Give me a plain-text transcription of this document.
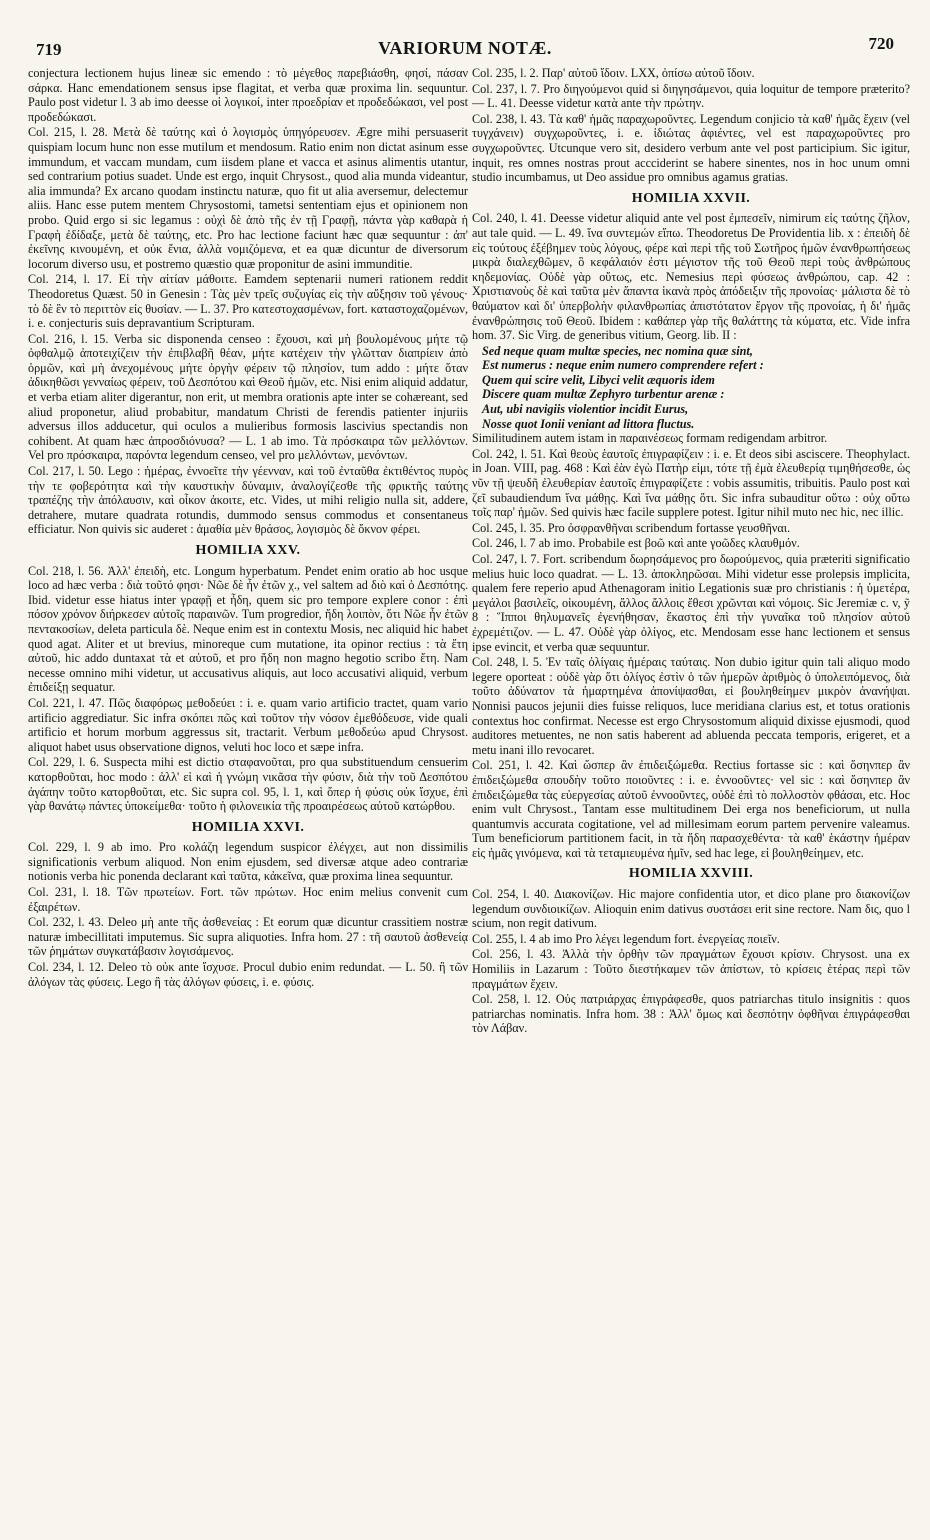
719	VARIORUM NOTÆ.	720

conjectura lectionem hujus lineæ sic emendo : τὸ μέγεθος παρεβιάσθη, φησί, πάσαν σάρκα. Hanc emendationem sensus ipse flagitat, et verba quæ proxima lin. sequuntur. Paulo post videtur l. 3 ab imo deesse οἱ λογικοί, inter προεδρίαν et προδεδώκασι, vel post προδεδώκασι.

Col. 215, l. 28. Μετὰ δὲ ταύτης καὶ ὁ λογισμὸς ὑπηγόρευσεν. Ægre mihi persuaserit quispiam locum hunc non esse mutilum et mendosum. Ratio enim non dictat asinum esse immundum, et vaccam mundam, cum iisdem plane et vacca et asinus alimentis utantur, sed contrarium potius suadet. Unde est ergo, inquit Chrysost., quod alia munda videantur, alia immunda? Ex arcano quodam instinctu naturæ, quo fit ut alia aversemur, delectemur aliis. Hanc esse putem mentem Chrysostomi, tametsi sententiam ejus et opinionem non probo. Quid ergo si sic legamus : οὐχὶ δὲ ἀπὸ τῆς ἐν τῇ Γραφῇ, πάντα γὰρ καθαρὰ ἡ Γραφὴ ἐδίδαξε, μετὰ δὲ ταύτης, etc. Pro hac lectione faciunt hæc quæ sequuntur : ἀπ' ἐκεῖνης κινουμένη, et οὐκ ἔνια, ἀλλὰ νομιζόμενα, et ea quæ dicuntur de diversorum locorum diverso usu, et postremo quæstio quæ proponitur de asini immunditie.

Col. 214, l. 17. Εἰ τὴν αἰτίαν μάθοιτε. Eamdem septenarii numeri rationem reddit Theodoretus Quæst. 50 in Genesin : Τὰς μὲν τρεῖς συζυγίας εἰς τὴν αὔξησιν τοῦ γένους· τὸ δὲ ἓν τὸ περιττὸν εἰς θυσίαν. — L. 37. Pro κατεστοχασμένων, fort. καταστοχαζομένων, i. e. conjecturis suis depravantium Scripturam.

Col. 216, l. 15. Verba sic disponenda censeo : ἔχουσι, καὶ μὴ βουλομένους μήτε τῷ ὀφθαλμῷ ἀποτειχίζειν τὴν ἐπιβλαβῆ θέαν, μήτε κατέχειν τὴν γλῶτταν διαπρίειν ἀπὸ ὁρμῶν, καὶ μὴ ἀνεχομένους μήτε ὀργὴν φέρειν τῷ πλησίον, tum addo : μήτε ὅταν ἀδικηθῶσι γενναίως φέρειν, τοῦ Δεσπότου καὶ Θεοῦ ἡμῶν, etc. Nisi enim aliquid addatur, et verba etiam aliter digerantur, non erit, ut membra orationis apte inter se cohæreant, sed aliud proponetur, aliud probabitur, mandatum Christi de ferendis patienter injuriis adversus illos adducetur, qui oculos a mulieribus formosis lascivius spectandis non cohibent. At quam hæc ἀπροσδιόνυσα? — L. 1 ab imo. Τὰ πρόσκαιρα τῶν μελλόντων. Vel pro πρόσκαιρα, παρόντα legendum censeo, vel pro μελλόντων, μενόντων.

Col. 217, l. 50. Lego : ἡμέρας, ἐννοεῖτε τὴν γέενναν, καὶ τοῦ ἐνταῦθα ἐκτιθέντος πυρὸς τὴν τε φοβερότητα καὶ τὴν καυστικὴν δύναμιν, ἀναλογίζεσθε τῆς φρικτῆς ταύτης τραπέζης τὴν ἀπόλαυσιν, καὶ οἶκον ἀκοιτε, etc. Vides, ut mihi religio nulla sit, addere, detrahere, mutare quadrata rotundis, dummodo sensus commodus et consentaneus efficiatur. Non quivis sic auderet : ἀμαθία μὲν θράσος, λογισμὸς δὲ ὄκνον φέρει.

HOMILIA XXV.

Col. 218, l. 56. Ἀλλ' ἐπειδὴ, etc. Longum hyperbatum. Pendet enim oratio ab hoc usque loco ad hæc verba : διὰ τοῦτό φησι· Νῶε δὲ ἦν ἐτῶν χ., vel saltem ad διὸ καὶ ὁ Δεσπότης. Ibid. videtur esse hiatus inter γραφῇ et ἦδη, quem sic pro tempore explere conor : ἐπὶ πόσον χρόνον διήρκεσεν αὐτοῖς παραινῶν. Tum progredior, ἤδη λοιπὸν, ὅτι Νῶε ἦν ἐτῶν πεντακοσίων, deleta particula δὲ. Neque enim est in contextu Mosis, nec aliquid hic habet quod agat. Aliter et ut brevius, minoreque cum mutatione, ita opinor rectius : τὰ ἔτη αὐτοῦ, hic addo duntaxat τὰ et αὐτοῦ, et pro ἤδη non magno hegotio scribo ἔτη. Nam necesse omnino mihi videtur, ut accusativus aliquis, aut loco accusativi aliquid, verbum ἐπιδείξῃ sequatur.

Col. 221, l. 47. Πῶς διαφόρως μεθοδεύει : i. e. quam vario artificio tractet, quam vario artificio aggrediatur. Sic infra σκόπει πῶς καὶ τοῦτον τὴν νόσον ἐμεθόδευσε, vide quali artificio et horum morbum aggressus sit, tractarit. Verbum μεθοδεύω apud Chrysost. aliquot habet usus observatione dignos, veluti hoc loco et sæpe infra.

Col. 229, l. 6. Suspecta mihi est dictio σταφανοῦται, pro qua substituendum censuerim κατορθοῦται, hoc modo : ἀλλ' εἰ καὶ ἡ γνώμη νικᾶσα τὴν φύσιν, διὰ τὴν τοῦ Δεσπότου ἀγάπην τοῦτο κατορθοῦται, etc. Sic supra col. 95, l. 1, καὶ ὅπερ ἡ φύσις οὐκ ἴσχυε, ἐπὶ γὰρ θανάτῳ πάντες ὑποκείμεθα· τοῦτο ἡ φιλονεικία τῆς προαιρέσεως αὐτοῦ κατώρθου.

HOMILIA XXVI.

Col. 229, l. 9 ab imo. Pro κολάζη legendum suspicor ἐλέγχει, aut non dissimilis significationis verbum aliquod. Non enim ejusdem, sed diversæ atque adeo contrariæ notionis verba hic ponenda declarant καὶ ταῦτα, κἀκεῖνα, quæ proxima linea sequuntur.

Col. 231, l. 18. Τῶν πρωτείων. Fort. τῶν πρώτων. Hoc enim melius convenit cum ἐξαιρέτων.

Col. 232, l. 43. Deleo μὴ ante τῆς ἀσθενείας : Et eorum quæ dicuntur crassitiem nostræ naturæ imbecillitati imputemus. Sic supra aliquoties. Infra hom. 27 : τῆ σαυτοῦ ἀσθενείᾳ τῶν ῥημάτων συγκατάβασιν λογισάμενος.

Col. 234, l. 12. Deleo τὸ οὐκ ante ἴσχυσε. Procul dubio enim redundat. — L. 50. ἢ τῶν ἀλόγων τὰς φύσεις. Lego ἢ τὰς ἀλόγων φύσεις, i. e. φύσις.

Col. 235, l. 2. Παρ' αὐτοῦ ἴδοιν. LXX, ὀπίσω αὐτοῦ ἴδοιν.

Col. 237, l. 7. Pro διηγούμενοι quid si διηγησάμενοι, quia loquitur de tempore præterito? — L. 41. Deesse videtur κατὰ ante τὴν πρώτην.

Col. 238, l. 43. Τὰ καθ' ἡμᾶς παραχωροῦντες. Legendum conjicio τὰ καθ' ἡμᾶς ἔχειν (vel τυγχάνειν) συγχωροῦντες, i. e. ἰδιώτας ἀφιέντες, vel est παραχωροῦντες pro συγχωροῦντες. Utcunque vero sit, desidero verbum ante vel post participium. Sic igitur, inquit, res omnes nostras prout accciderint se habere sinentes, nos in hoc unum omni studio incumbamus, ut Deo assidue pro omnibus agamus gratias.

HOMILIA XXVII.

Col. 240, l. 41. Deesse videtur aliquid ante vel post ἐμπεσεῖν, nimirum εἰς ταύτης ζῆλον, aut tale quid. — L. 49. ἵνα συντεμών εἴπω. Theodoretus De Providentia lib. x : ἐπειδὴ δὲ εἰς τούτους ἐξέβημεν τοὺς λόγους, φέρε καὶ περὶ τῆς τοῦ Σωτῆρος ἡμῶν ἐνανθρωπήσεως μικρὰ διαλεχθῶμεν, ὃ κεφάλαιόν ἐστι μέγιστον τῆς τοῦ Θεοῦ περὶ τοὺς ἀνθρώπους κηδεμονίας. Οὐδὲ γὰρ οὕτως, etc. Nemesius περὶ φύσεως ἀνθρώπου, cap. 42 : Χριστιανοὺς δὲ καὶ ταῦτα μὲν ἅπαντα ἱκανὰ πρὸς ἀπόδειξιν τῆς προνοίας· μάλιστα δὲ τὸ θαύματον καὶ δι' ὑπερβολὴν φιλανθρωπίας ἀπιστότατον ἔργον τῆς προνοίας, ἡ δι' ἡμᾶς ἐνανθρώπησις τοῦ Θεοῦ. Ibidem : καθάπερ γὰρ τῆς θαλάττης τὰ κύματα, etc. Vide infra hom. 37. Sic Virg. de generibus vitium, Georg. lib. II :

Sed neque quam multæ species, nec nomina quæ sint,

Est numerus : neque enim numero comprendere refert :

Quem qui scire velit, Libyci velit æquoris idem

Discere quam multæ Zephyro turbentur arenæ :

Aut, ubi navigiis violentior incidit Eurus,

Nosse quot Ionii veniant ad littora fluctus.

Similitudinem autem istam in παραινέσεως formam redigendam arbitror.

Col. 242, l. 51. Καὶ θεοὺς ἑαυτοῖς ἐπιγραφίζειν : i. e. Et deos sibi asciscere. Theophylact. in Joan. VIII, pag. 468 : Καὶ ἐὰν ἐγὼ Πατὴρ εἰμι, τότε τῇ ἐμὰ ἐλευθερίᾳ τιμηθήσεσθε, ὡς νῦν τῇ ψευδῆ ἐλευθερίαν ἑαυτοῖς ἐπιγραφίζετε : vobis assumitis, tribuitis. Paulo post καὶ ζεῖ subaudiendum ἵνα μάθῃς. Καὶ ἵνα μάθῃς ὅτι. Sic infra subauditur οὕτω : οὐχ οὕτω τοῖς παρ' ἡμῶν. Sed quivis hæc facile supplere potest. Igitur nihil muto nec hic, nec illic.

Col. 245, l. 35. Pro ὀσφρανθῆναι scribendum fortasse γευσθῆναι.

Col. 246, l. 7 ab imo. Probabile est βοῶ καὶ ante γοῶδες κλαυθμόν.

Col. 247, l. 7. Fort. scribendum δωρησάμενος pro δωρούμενος, quia præteriti significatio melius huic loco quadrat. — L. 13. ἀποκληρῶσαι. Mihi videtur esse prolepsis implicita, qualem fere reperio apud Athenagoram initio Legationis suæ pro christianis : ἡ ὑμετέρα, μεγάλοι βασιλεῖς, οἰκουμένη, ἄλλος ἄλλοις ἔθεσι χρῶνται καὶ νόμοις. Sic Jeremiæ c. v, ỹ 8 : Ἵπποι θηλυμανεῖς ἐγενήθησαν, ἕκαστος ἐπὶ τὴν γυναῖκα τοῦ πλησίον αὐτοῦ ἐχρεμέτιζον. — L. 47. Οὐδὲ γὰρ ὀλίγος, etc. Mendosam esse hanc lectionem et sensus ipse evincit, et verba quæ sequuntur.

Col. 248, l. 5. Ἐν ταῖς ὀλίγαις ἡμέραις ταύταις. Non dubio igitur quin tali aliquo modo legere oporteat : οὐδὲ γὰρ ὅτι ὀλίγος ἐστὶν ὁ τῶν ἡμερῶν ἀριθμὸς ὁ ὑπολειπόμενος, διὰ τοῦτο ἀδύνατον τὰ ἡμαρτημένα ἀπονίψασθαι, εἰ βουληθείημεν μικρὸν ἀνανήψαι. Nonnisi paucos jejunii dies fuisse reliquos, luce meridiana clarius est, et totus orationis contextus hoc confirmat. Necesse est ergo Chrysostomum aliquid dixisse ejusmodi, quod auditores metuentes, ne non satis haberent ad abluenda peccata temporis, erigeret, et a metu inani illo revocaret.

Col. 251, l. 42. Καὶ ὥσπερ ἂν ἐπιδειξώμεθα. Rectius fortasse sic : καὶ ὅσηνπερ ἂν ἐπιδειξώμεθα σπουδὴν τοῦτο ποιοῦντες : i. e. ἐννοοῦντες· vel sic : καὶ ὅσηνπερ ἂν ἐπιδειξώμεθα τὰς εὐεργεσίας αὐτοῦ ἐννοοῦντες, οὐδὲ ἐπὶ τὸ πολλοστὸν φθάσαι, etc. Hoc enim vult Chrysost., Tantam esse multitudinem Dei erga nos beneficiorum, ut nulla quantumvis accurata cogitatione, vel ad millesimam eorum partem pervenire valeamus. Tum beneficiorum partitionem facit, in τὰ ἤδη παρασχεθέντα· τὰ καθ' ἑκάστην ἡμέραν εἰς ἡμᾶς γινόμενα, καὶ τὰ τεταμιευμένα ἡμῖν, sed hac lege, εἰ βουληθείημεν, etc.

HOMILIA XXVIII.

Col. 254, l. 40. Διακονίζων. Hic majore confidentia utor, et dico plane pro διακονίζων legendum συνδιοικίζων. Alioquin enim dativus συστάσει erit sine rectore. Nam δις, quo l scium, non regit dativum.

Col. 255, l. 4 ab imo Pro λέγει legendum fort. ἐνεργείας ποιεῖν.

Col. 256, l. 43. Ἀλλὰ τὴν ὀρθὴν τῶν πραγμάτων ἔχουσι κρίσιν. Chrysost. una ex Homiliis in Lazarum : Τοῦτο διεστήκαμεν τῶν ἀπίστων, τὸ κρίσεις ἑτέρας περὶ τῶν πραγμάτων ἔχειν.

Col. 258, l. 12. Οὐς πατριάρχας ἐπιγράφεσθε, quos patriarchas titulo insignitis : quos patriarchas nominatis. Infra hom. 38 : Ἀλλ' ὅμως καὶ δεσπότην ὀφθῆναι ἐπιγράφεσθαι τὸν Λάβαν.
